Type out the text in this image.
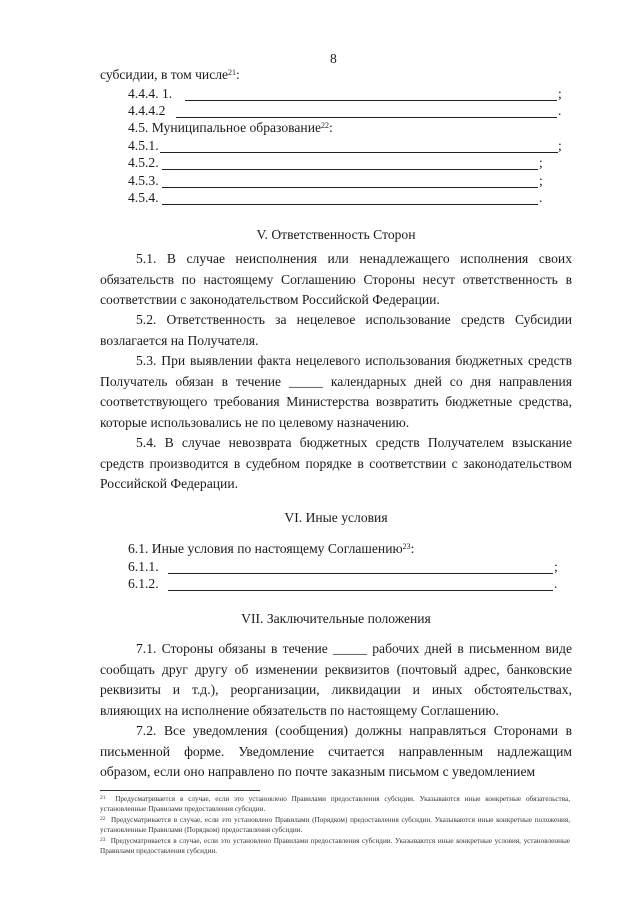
8
субсидии, в том числе$^{21}$:
4.4.4. 1.	;
4.4.4.2	.
4.5. Муниципальное образование$^{22}$:
4.5.1.	;
4.5.2.	;
4.5.3.	;
4.5.4.	.
V. Ответственность Сторон

5.1. В случае неисполнения или ненадлежащего исполнения своих обязательств по настоящему Соглашению Стороны несут ответственность в соответствии с законодательством Российской Федерации.

5.2. Ответственность за нецелевое использование средств Субсидии возлагается на Получателя.

5.3. При выявлении факта нецелевого использования бюджетных средств Получатель обязан в течение _____ календарных дней со дня направления соответствующего требования Министерства возвратить бюджетные средства, которые использовались не по целевому назначению.

5.4. В случае невозврата бюджетных средств Получателем взыскание средств производится в судебном порядке в соответствии с законодательством Российской Федерации.

VI. Иные условия
6.1. Иные условия по настоящему Соглашению$^{23}$:
6.1.1.	;
6.1.2.	.
VII. Заключительные положения

7.1. Стороны обязаны в течение _____ рабочих дней в письменном виде сообщать друг другу об изменении реквизитов (почтовый адрес, банковские реквизиты и т.д.), реорганизации, ликвидации и иных обстоятельствах, влияющих на исполнение обязательств по настоящему Соглашению.

7.2. Все уведомления (сообщения) должны направляться Сторонами в письменной форме. Уведомление считается направленным надлежащим образом, если оно направлено по почте заказным письмом с уведомлением

$^{21}$ Предусматривается в случае, если это установлено Правилами предоставления субсидии. Указываются иные конкретные обязательства, установленные Правилами предоставления субсидии.
$^{22}$ Предусматривается в случае, если это установлено Правилами (Порядком) предоставления субсидии. Указываются иные конкретные положения, установленные Правилами (Порядком) предоставления субсидии.
$^{23}$ Предусматривается в случае, если это установлено Правилами предоставления субсидии. Указываются иные конкретные условия, установленные Правилами предоставления субсидии.
